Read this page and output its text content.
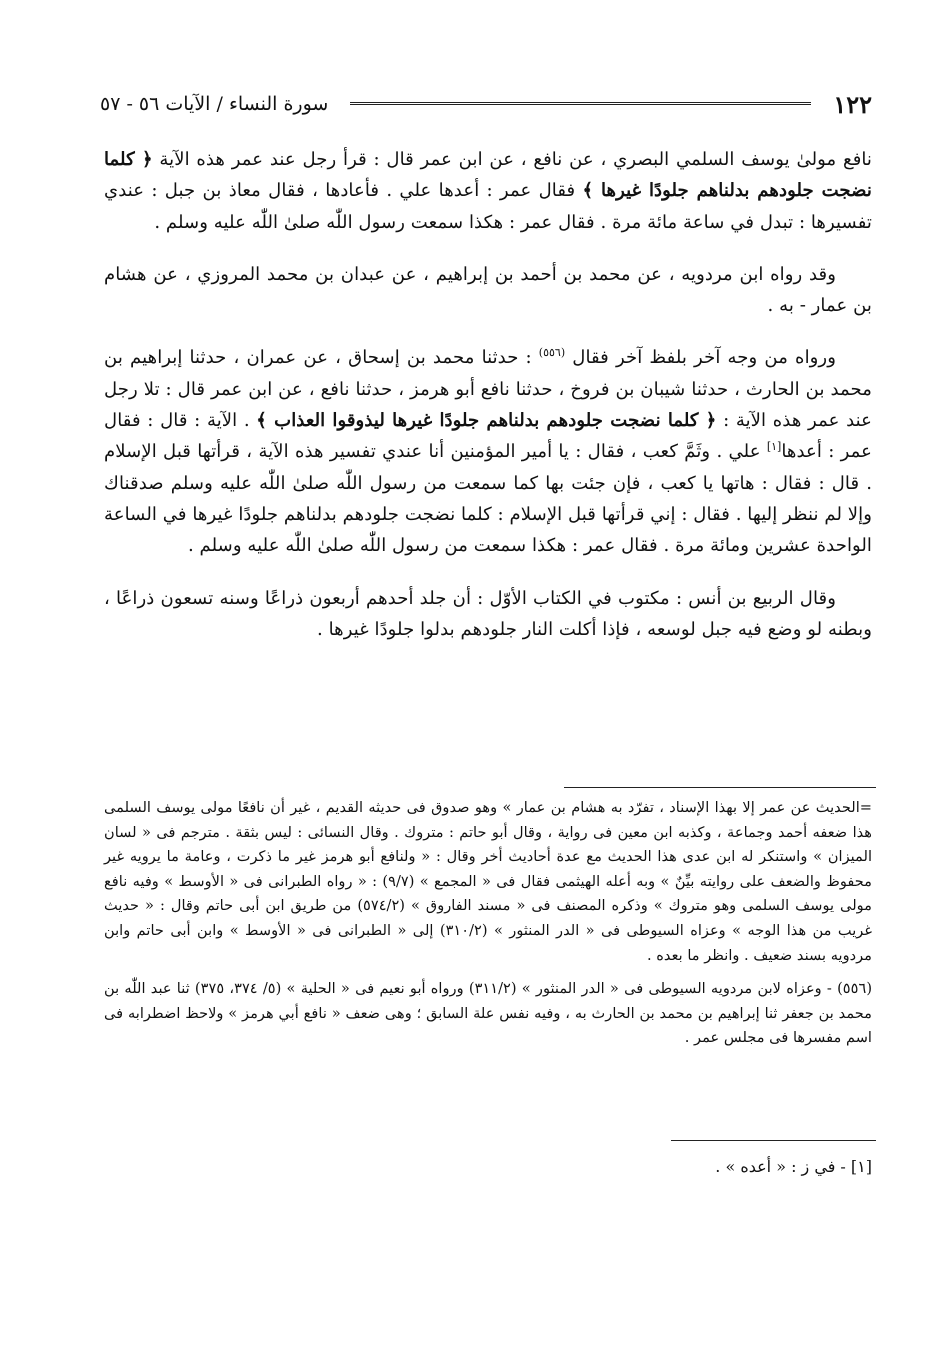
١٢٢
سورة النساء / الآيات ٥٦ - ٥٧

نافع مولىٰ يوسف السلمي البصري ، عن نافع ، عن ابن عمر قال : قرأ رجل عند عمر هذه الآية ﴿ كلما نضجت جلودهم بدلناهم جلودًا غيرها ﴾ فقال عمر : أعدها علي . فأعادها ، فقال معاذ بن جبل : عندي تفسيرها : تبدل في ساعة مائة مرة . فقال عمر : هكذا سمعت رسول اللّٰه صلىٰ اللّٰه عليه وسلم .

وقد رواه ابن مردويه ، عن محمد بن أحمد بن إبراهيم ، عن عبدان بن محمد المروزي ، عن هشام بن عمار - به .

ورواه من وجه آخر بلفظ آخر فقال $^{(٥٥٦)}$ : حدثنا محمد بن إسحاق ، عن عمران ، حدثنا إبراهيم بن محمد بن الحارث ، حدثنا شيبان بن فروخ ، حدثنا نافع أبو هرمز ، حدثنا نافع ، عن ابن عمر قال : تلا رجل عند عمر هذه الآية : ﴿ كلما نضجت جلودهم بدلناهم جلودًا غيرها ليذوقوا العذاب ﴾ . الآية : قال : فقال عمر : أعدها[١] علي . وثَمَّ كعب ، فقال : يا أمير المؤمنين أنا عندي تفسير هذه الآية ، قرأتها قبل الإسلام . قال : فقال : هاتها يا كعب ، فإن جئت بها كما سمعت من رسول اللّٰه صلىٰ اللّٰه عليه وسلم صدقناك وإلا لم ننظر إليها . فقال : إني قرأتها قبل الإسلام : كلما نضجت جلودهم بدلناهم جلودًا غيرها في الساعة الواحدة عشرين ومائة مرة . فقال عمر : هكذا سمعت من رسول اللّٰه صلىٰ اللّٰه عليه وسلم .

وقال الربيع بن أنس : مكتوب في الكتاب الأوّل : أن جلد أحدهم أربعون ذراعًا وسنه تسعون ذراعًا ، وبطنه لو وضع فيه جبل لوسعه ، فإذا أكلت النار جلودهم بدلوا جلودًا غيرها .

=الحديث عن عمر إلا بهذا الإسناد ، تفرّد به هشام بن عمار » وهو صدوق فى حديثه القديم ، غير أن نافعًا مولى يوسف السلمى هذا ضعفه أحمد وجماعة ، وكذبه ابن معين فى رواية ، وقال أبو حاتم : متروك . وقال النسائى : ليس بثقة . مترجم فى « لسان الميزان » واستنكر له ابن عدى هذا الحديث مع عدة أحاديث أخر وقال : « ولنافع أبو هرمز غير ما ذكرت ، وعامة ما يرويه غير محفوظ والضعف على روايته بيِّنٌ » وبه أعله الهيثمى فقال فى « المجمع » (٩/٧) : « رواه الطبرانى فى « الأوسط » وفيه نافع مولى يوسف السلمى وهو متروك » وذكره المصنف فى « مسند الفاروق » (٥٧٤/٢) من طريق ابن أبى حاتم وقال : « حديث غريب من هذا الوجه » وعزاه السيوطى فى « الدر المنثور » (٣١٠/٢) إلى « الطبرانى فى « الأوسط » وابن أبى حاتم وابن مردويه بسند ضعيف . وانظر ما بعده .

(٥٥٦) - وعزاه لابن مردويه السيوطى فى « الدر المنثور » (٣١١/٢) ورواه أبو نعيم فى « الحلية » (٥/ ٣٧٤، ٣٧٥) ثنا عبد اللّٰه بن محمد بن جعفر ثنا إبراهيم بن محمد بن الحارث به ، وفيه نفس علة السابق ؛ وهى ضعف « نافع أبي هرمز » ولاحظ اضطرابه فى اسم مفسرها فى مجلس عمر .

[١] - في ز : « أعده » .
